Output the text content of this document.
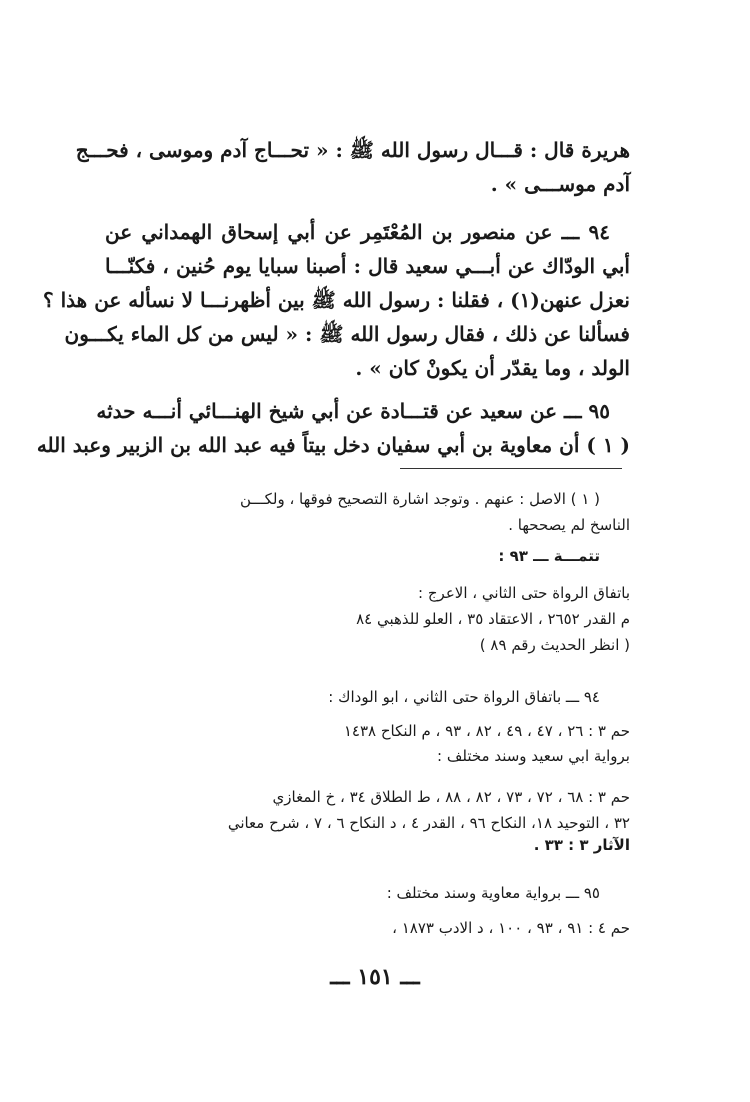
هريرة قال : قـــال رسول الله ﷺ : « تحـــاج آدم وموسى ، فحـــج
آدم موســـى » .
٩٤ ـــ عن منصور بن المُعْتَمِر عن أبي إسحاق الهمداني عن
أبي الودّاك عن أبـــي سعيد قال : أصبنا سبايا يوم حُنين ، فكنّـــا
نعزل عنهن(١) ، فقلنا : رسول الله ﷺ بين أظهرنـــا لا نسأله عن هذا ؟
فسألنا عن ذلك ، فقال رسول الله ﷺ : « ليس من كل الماء يكـــون
الولد ، وما يقدّر أن يكونْ كان » .
٩٥ ـــ عن سعيد عن قتـــادة عن أبي شيخ الهنـــائي أنـــه حدثه
( ١ ) أن معاوية بن أبي سفيان دخل بيتاً فيه عبد الله بن الزبير وعبد الله
( ١ ) الاصل : عنهم . وتوجد اشارة التصحيح فوقها ، ولكـــن
الناسخ لم يصححها .
تتمـــة ـــ ٩٣ :
باتفاق الرواة حتى الثاني ، الاعرج :
م القدر ٢٦٥٢ ، الاعتقاد ٣٥ ، العلو للذهبي ٨٤
( انظر الحديث رقم ٨٩ )
٩٤ ـــ باتفاق الرواة حتى الثاني ، ابو الوداك :
حم ٣ : ٢٦ ، ٤٧ ، ٤٩ ، ٨٢ ، ٩٣ ، م النكاح ١٤٣٨
برواية ابي سعيد وسند مختلف :
حم ٣ : ٦٨ ، ٧٢ ، ٧٣ ، ٨٢ ، ٨٨ ، ط الطلاق ٣٤ ، خ المغازي
٣٢ ، التوحيد ١٨، النكاح ٩٦ ، القدر ٤ ، د النكاح ٦ ، ٧ ، شرح معاني
الآثار ٣ : ٣٣ .
٩٥ ـــ برواية معاوية وسند مختلف :
حم ٤ : ٩١ ، ٩٣ ، ١٠٠ ، د الادب ١٨٧٣ ،
ـــ ١٥١ ـــ
